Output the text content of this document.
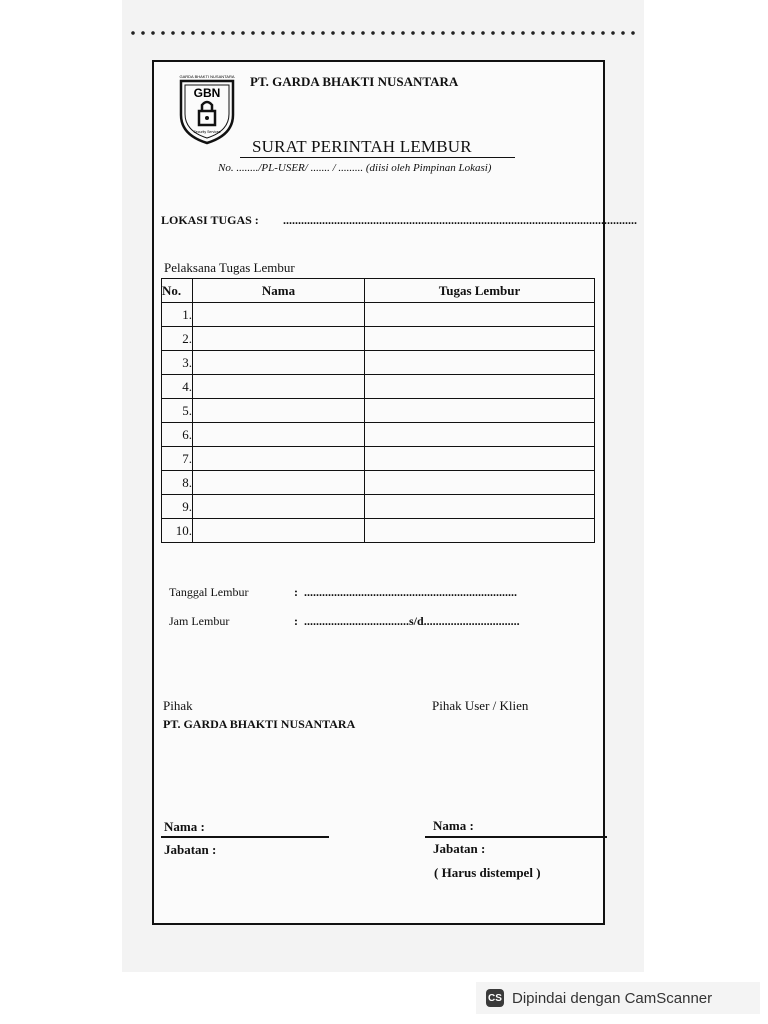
GARDA BHAKTI NUSANTARA
GBN
Security Services
PT. GARDA BHAKTI NUSANTARA
SURAT PERINTAH LEMBUR
No. ......../PL-USER/ ....... / ......... (diisi oleh Pimpinan Lokasi)
LOKASI TUGAS : ......................................................................................................................
Pelaksana Tugas Lembur
No.	Nama	Tugas Lembur
1.		
2.		
3.		
4.		
5.		
6.		
7.		
8.		
9.		
10.		
Tanggal Lembur	: .......................................................................
Jam Lembur	: ...................................s/d................................
Pihak
PT. GARDA BHAKTI NUSANTARA
Pihak User / Klien
Nama :	Nama :
Jabatan :	Jabatan :
( Harus distempel )
CS Dipindai dengan CamScanner
